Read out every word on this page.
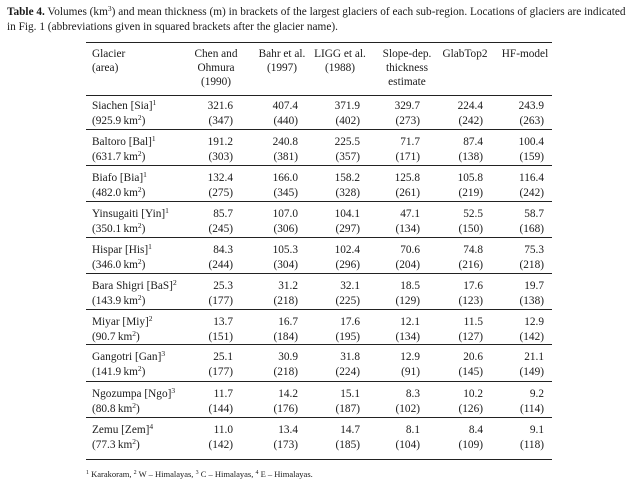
Table 4. Volumes $(km^3)$ and mean thickness (m) in brackets of the largest glaciers of each sub-region. Locations of glaciers are indicated in Fig. 1 (abbreviations given in squared brackets after the glacier name).
Glacier
(area)
Chen and
Ohmura
(1990)
Bahr et al.
(1997)
LIGG et al.
(1988)
Slope-dep.
thickness
estimate
GlabTop2	HF-model
Siachen [Sia]$^1$
(925.9  $km^2$)
321.6
(347)
407.4
(440)
371.9
(402)
329.7
(273)
224.4
(242)
243.9
(263)
Baltoro [Bal]$^1$
(631.7  $km^2$)
191.2
(303)
240.8
(381)
225.5
(357)
71.7
(171)
87.4
(138)
100.4
(159)
Biafo [Bia]$^1$
(482.0  $km^2$)
132.4
(275)
166.0
(345)
158.2
(328)
125.8
(261)
105.8
(219)
116.4
(242)
Yinsugaiti [Yin]$^1$
(350.1  $km^2$)
85.7
(245)
107.0
(306)
104.1
(297)
47.1
(134)
52.5
(150)
58.7
(168)
Hispar [His]$^1$
(346.0  $km^2$)
84.3
(244)
105.3
(304)
102.4
(296)
70.6
(204)
74.8
(216)
75.3
(218)
Bara Shigri [BaS]$^2$
(143.9  $km^2$)
25.3
(177)
31.2
(218)
32.1
(225)
18.5
(129)
17.6
(123)
19.7
(138)
Miyar [Miy]$^2$
(90.7  $km^2$)
13.7
(151)
16.7
(184)
17.6
(195)
12.1
(134)
11.5
(127)
12.9
(142)
Gangotri [Gan]$^3$
(141.9  $km^2$)
25.1
(177)
30.9
(218)
31.8
(224)
12.9
(91)
20.6
(145)
21.1
(149)
Ngozumpa [Ngo]$^3$
(80.8  $km^2$)
11.7
(144)
14.2
(176)
15.1
(187)
8.3
(102)
10.2
(126)
9.2
(114)
Zemu [Zem]$^4$
(77.3  $km^2$)
11.0
(142)
13.4
(173)
14.7
(185)
8.1
(104)
8.4
(109)
9.1
(118)
$^1$ Karakoram, $^2$ W – Himalayas, $^3$ C – Himalayas, $^4$ E – Himalayas.
